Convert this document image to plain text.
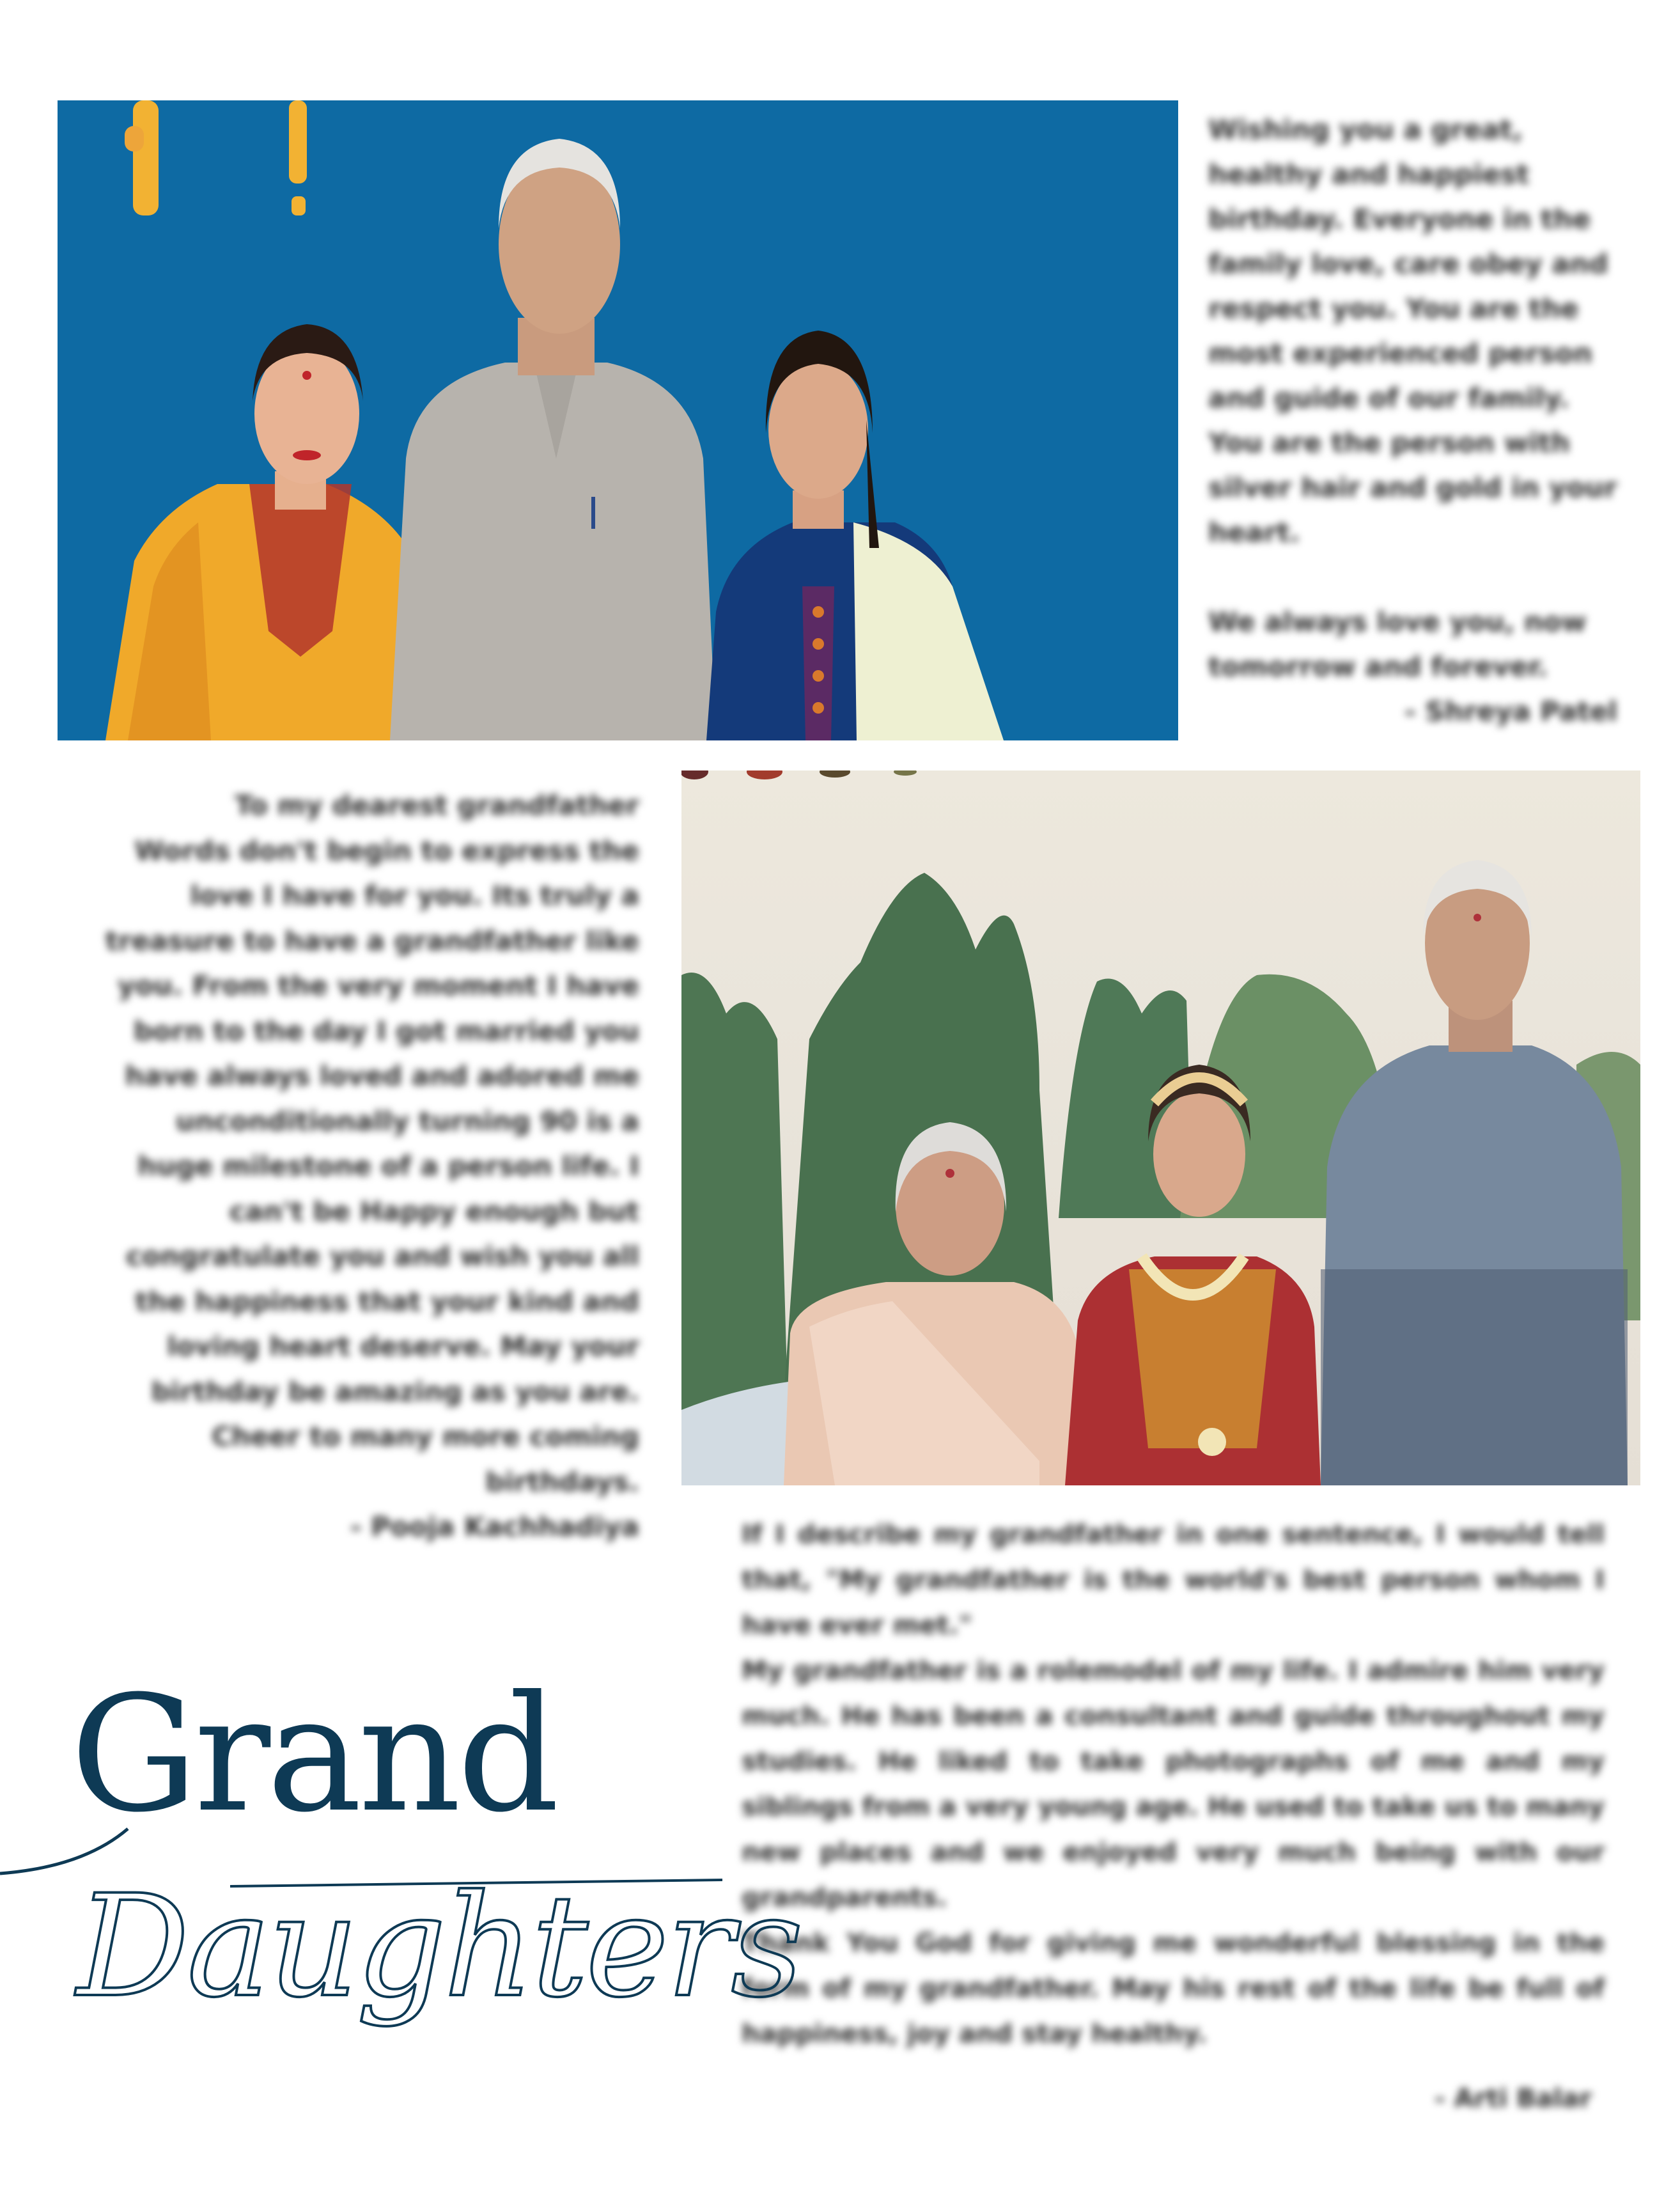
Wishing you a great,

healthy and happiest

birthday. Everyone in the

family love, care obey and

respect you. You are the

most experienced person

and guide of our family.

You are the person with

silver hair and gold in your

heart.

We always love you, now

tomorrow and forever.

- Shreya Patel

To my dearest grandfather

Words don't begin to express the

love I have for you. Its truly a

treasure to have a grandfather like

you. From the very moment I have

born to the day I got married you

have always loved and adored me

unconditionally turning 90 is a

huge milestone of a person life. I

can't be Happy enough but

congratulate you and wish you all

the happiness that your kind and

loving heart deserve. May your

birthday be amazing as you are.

Cheer to many more coming

birthdays.

- Pooja Kachhadiya	If I describe my grandfather in one sentence, I would tell that, "My grandfather is the world's best person whom I have ever met."

My grandfather is a rolemodel of my life. I admire him very much. He has been a consultant and guide throughout my studies. He liked to take photographs of me and my siblings from a very young age. He used to take us to many new places and we enjoyed very much being with our grandparents.

Thank You God for giving me wonderful blessing in the form of my grandfather. May his rest of the life be full of happiness, joy and stay healthy.

- Arti Balar

Grand
Daughters
